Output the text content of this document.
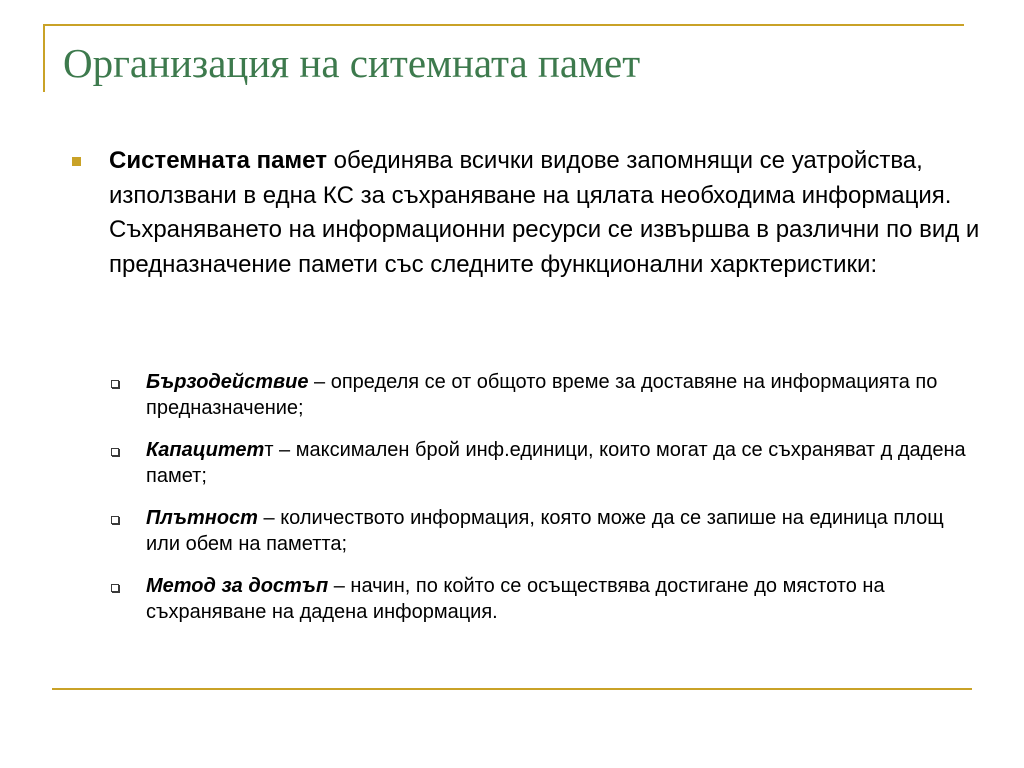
Организация на ситемната памет

Системната памет обединява всички видове запомнящи се уатройства, използвани в една КС за съхраняване на цялата необходима информация. Съхраняването на информационни ресурси се извършва в различни по вид и предназначение памети със следните функционални харктеристики:

Бързодействие – определя се от общото време за доставяне на информацията по предназначение;
Капацитетт – максимален брой инф.единици, които могат да се съхраняват д дадена памет;
Плътност – количеството информация, която може да се запише на единица площ или обем на паметта;
Метод за достъп – начин, по който се осъществява достигане до мястото на съхраняване на дадена информация.
